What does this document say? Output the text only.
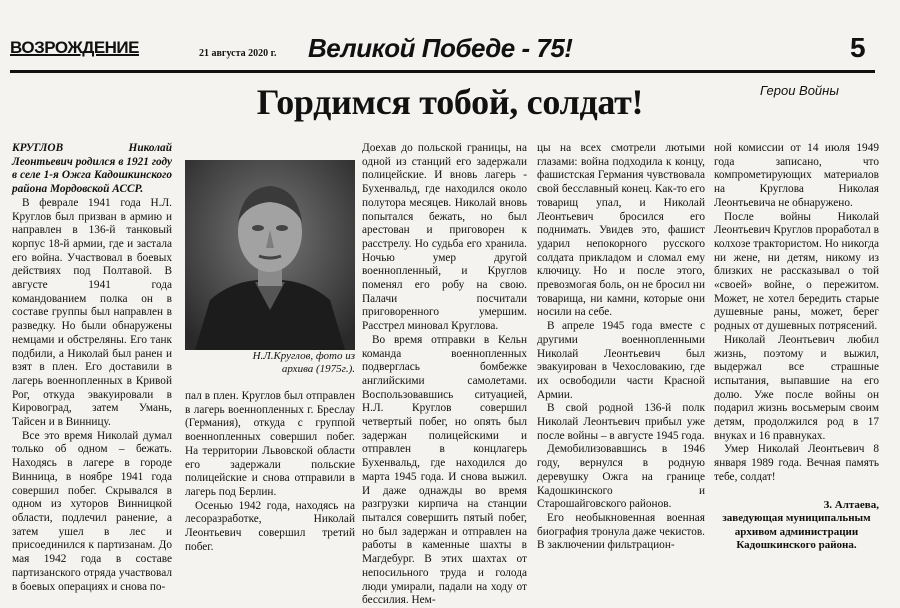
ВОЗРОЖДЕНИЕ	21 августа 2020 г. Великой Победе - 75!	5
Герои Войны
Гордимся тобой, солдат!

КРУГЛОВ Николай Леонтьевич родился в 1921 году в селе 1-я Ожга Кадошкинского района Мордовской АССР.

В феврале 1941 года Н.Л. Круглов был призван в армию и направлен в 136-й танковый корпус 18-й армии, где и застала его война. Участвовал в боевых действиях под Полтавой. В августе 1941 года командованием полка он в составе группы был направлен в разведку. Но были обнаружены немцами и обстреляны. Его танк подбили, а Николай был ранен и взят в плен. Его доставили в лагерь военнопленных в Кривой Рог, откуда эвакуировали в Кировоград, затем Умань, Тайсен и в Винницу.

Все это время Николай думал только об одном – бежать. Находясь в лагере в городе Винница, в ноябре 1941 года совершил побег. Скрывался в одном из хуторов Винницкой области, подлечил ранение, а затем ушел в лес и присоединился к партизанам. До мая 1942 года в составе партизанского отряда участвовал в боевых операциях и снова по-

Н.Л.Круглов, фото из архива (1975г.).

пал в плен. Круглов был отправлен в лагерь военнопленных г. Бреслау (Германия), откуда с группой военнопленных совершил побег. На территории Львовской области его задержали польские полицейские и снова отправили в лагерь под Берлин.

Осенью 1942 года, находясь на лесоразработке, Николай Леонтьевич совершил третий побег.

Доехав до польской границы, на одной из станций его задержали полицейские. И вновь лагерь - Бухенвальд, где находился около полутора месяцев. Николай вновь попытался бежать, но был арестован и приговорен к расстрелу. Но судьба его хранила. Ночью умер другой военнопленный, и Круглов поменял его робу на свою. Палачи посчитали приговоренного умершим. Расстрел миновал Круглова.

Во время отправки в Кельн команда военнопленных подверглась бомбежке английскими самолетами. Воспользовавшись ситуацией, Н.Л. Круглов совершил четвертый побег, но опять был задержан полицейскими и отправлен в концлагерь Бухенвальд, где находился до марта 1945 года. И снова выжил. И даже однажды во время разгрузки кирпича на станции пытался совершить пятый побег, но был задержан и отправлен на работы в каменные шахты в Магдебург. В этих шахтах от непосильного труда и голода люди умирали, падали на ходу от бессилия. Нем-

цы на всех смотрели лютыми глазами: война подходила к концу, фашистская Германия чувствовала свой бесславный конец. Как-то его товарищ упал, и Николай Леонтьевич бросился его поднимать. Увидев это, фашист ударил непокорного русского солдата прикладом и сломал ему ключицу. Но и после этого, превозмогая боль, он не бросил ни товарища, ни камни, которые они носили на себе.

В апреле 1945 года вместе с другими военнопленными Николай Леонтьевич был эвакуирован в Чехословакию, где их освободили части Красной Армии.

В свой родной 136-й полк Николай Леонтьевич прибыл уже после войны – в августе 1945 года.

Демобилизовавшись в 1946 году, вернулся в родную деревушку Ожга на границе Кадошкинского и Старошайговского районов.

Его необыкновенная военная биография тронула даже чекистов. В заключении фильтрацион-

ной комиссии от 14 июля 1949 года записано, что компрометирующих материалов на Круглова Николая Леонтьевича не обнаружено.

После войны Николай Леонтьевич Круглов проработал в колхозе трактористом. Но никогда ни жене, ни детям, никому из близких не рассказывал о той «своей» войне, о пережитом. Может, не хотел бередить старые душевные раны, может, берег родных от душевных потрясений.

Николай Леонтьевич любил жизнь, поэтому и выжил, выдержал все страшные испытания, выпавшие на его долю. Уже после войны он подарил жизнь восьмерым своим детям, продолжился род в 17 внуках и 16 правнуках.

Умер Николай Леонтьевич 8 января 1989 года. Вечная память тебе, солдат!

З. Алтаева,
заведующая муниципальным архивом администрации Кадошкинского района.
